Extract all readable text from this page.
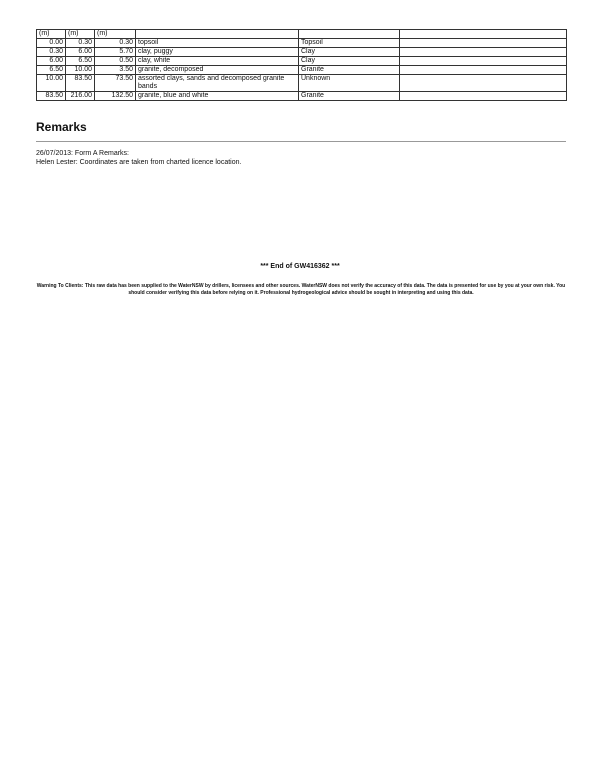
(m)	(m)	(m)			
0.00	0.30	0.30	topsoil	Topsoil	
0.30	6.00	5.70	clay, puggy	Clay	
6.00	6.50	0.50	clay, white	Clay	
6.50	10.00	3.50	granite, decomposed	Granite	
10.00	83.50	73.50	assorted clays, sands and decomposed granite bands	Unknown	
83.50	216.00	132.50	granite, blue and white	Granite	
Remarks
26/07/2013: Form A Remarks:
Helen Lester: Coordinates are taken from charted licence location.
*** End of GW416362 ***
Warning To Clients: This raw data has been supplied to the WaterNSW by drillers, licensees and other sources. WaterNSW does not verify the accuracy of this data. The data is presented for use by you at your own risk. You should consider verifying this data before relying on it. Professional hydrogeological advice should be sought in interpreting and using this data.
